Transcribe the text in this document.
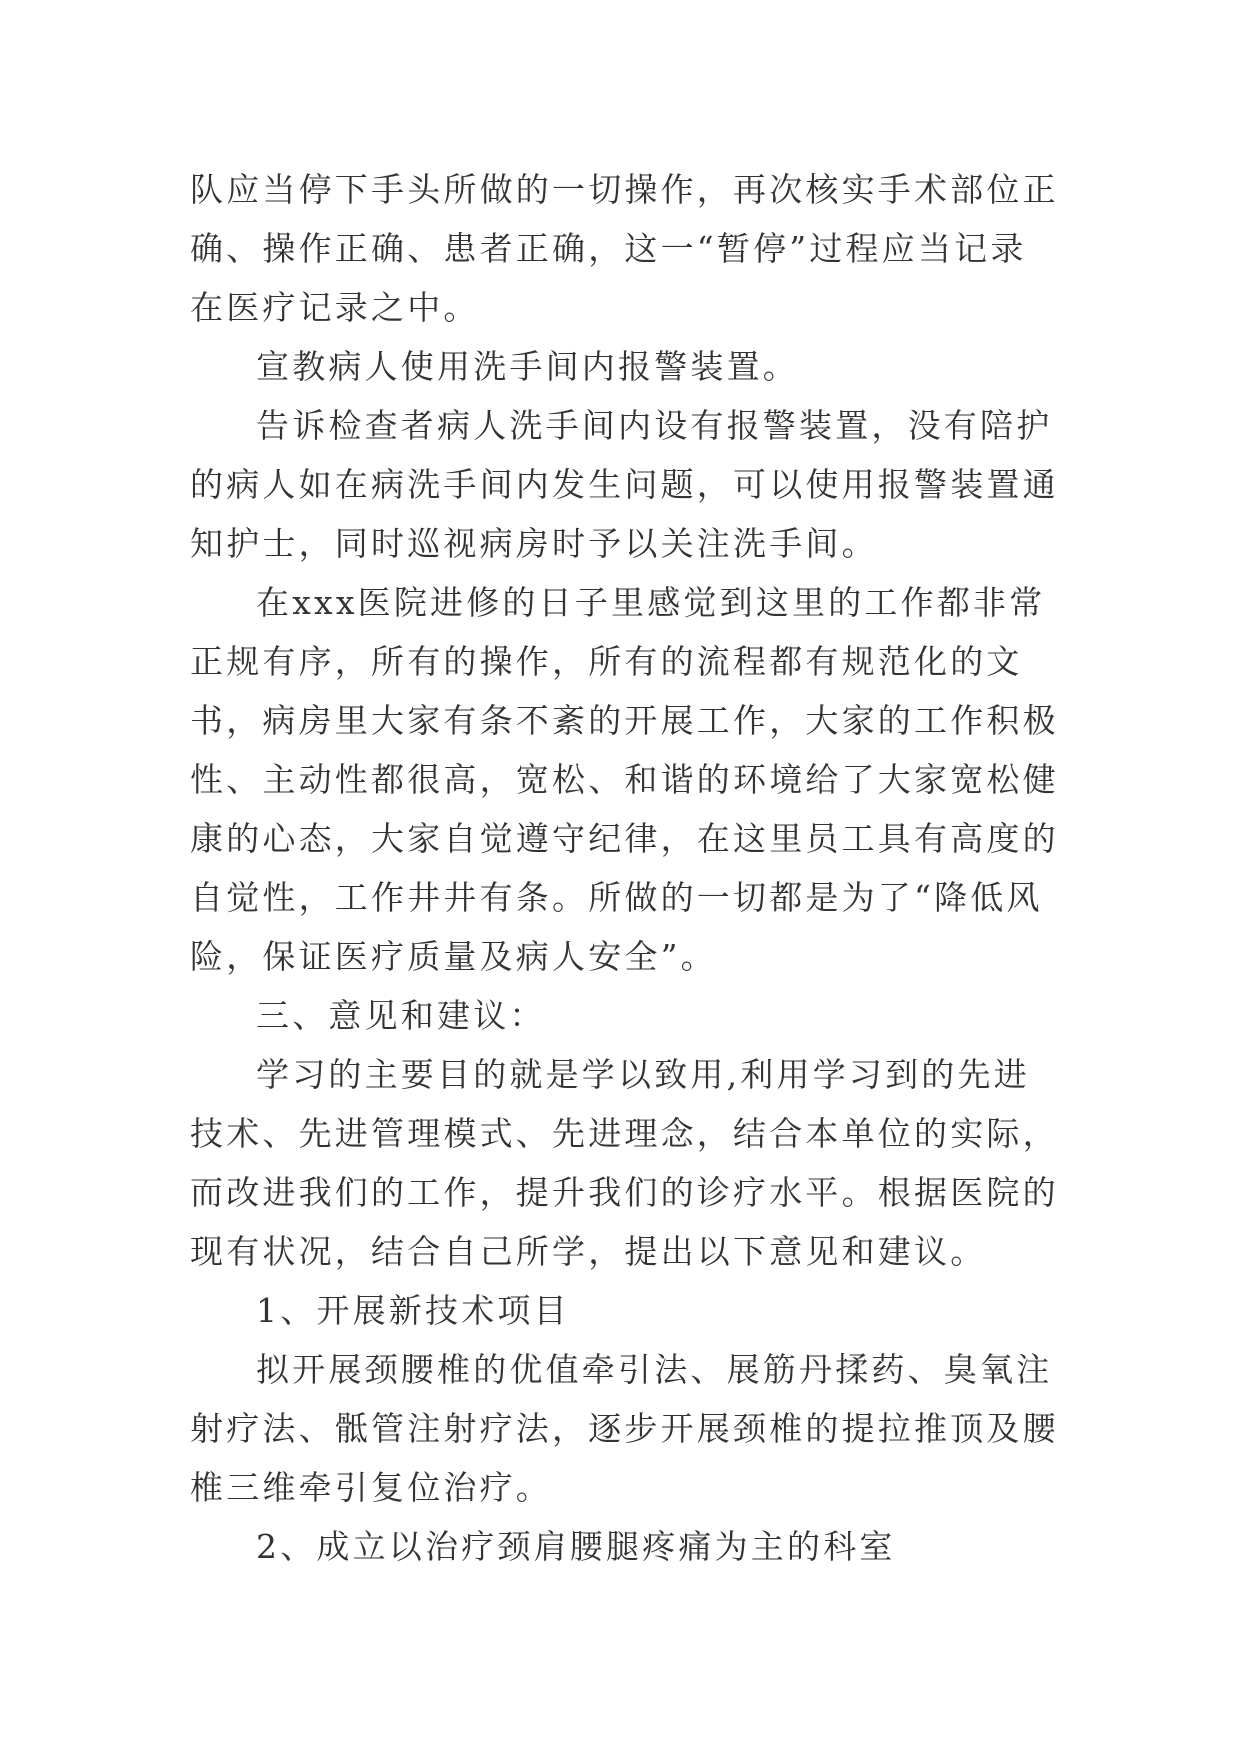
队应当停下手头所做的一切操作，再次核实手术部位正确、操作正确、患者正确，这一“暂停”过程应当记录在医疗记录之中。

宣教病人使用洗手间内报警装置。

告诉检查者病人洗手间内设有报警装置，没有陪护的病人如在病洗手间内发生问题，可以使用报警装置通知护士，同时巡视病房时予以关注洗手间。

在xxx医院进修的日子里感觉到这里的工作都非常正规有序，所有的操作，所有的流程都有规范化的文书，病房里大家有条不紊的开展工作，大家的工作积极性、主动性都很高，宽松、和谐的环境给了大家宽松健康的心态，大家自觉遵守纪律，在这里员工具有高度的自觉性，工作井井有条。所做的一切都是为了“降低风险，保证医疗质量及病人安全”。

三、意见和建议：

学习的主要目的就是学以致用,利用学习到的先进技术、先进管理模式、先进理念，结合本单位的实际，而改进我们的工作，提升我们的诊疗水平。根据医院的现有状况，结合自己所学，提出以下意见和建议。

1、开展新技术项目

拟开展颈腰椎的优值牵引法、展筋丹揉药、臭氧注射疗法、骶管注射疗法，逐步开展颈椎的提拉推顶及腰椎三维牵引复位治疗。

2、成立以治疗颈肩腰腿疼痛为主的科室
